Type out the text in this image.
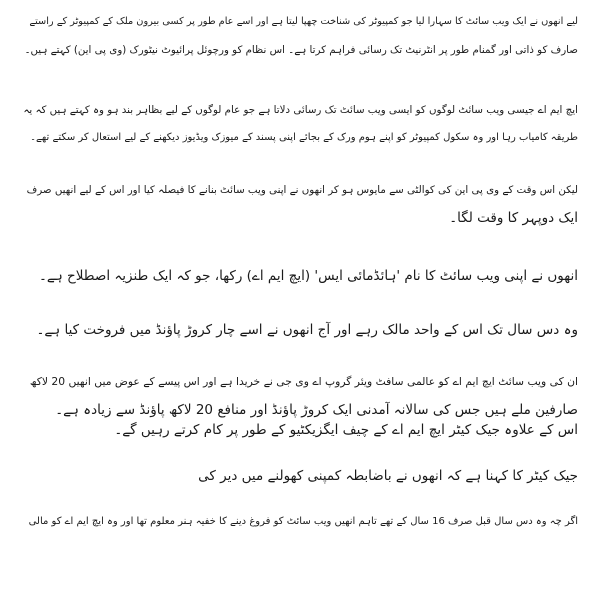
لیے انھوں نے ایک ویب سائٹ کا سہارا لیا جو کمپیوٹر کی شناخت چھپا لیتا ہے اور اسے عام طور پر کسی بیرون ملک کے کمپیوٹر کے راستے
صارف کو ذاتی اور گمنام طور پر انٹرنیٹ تک رسائی فراہم کرتا ہے۔ اس نظام کو ورچوئل پرائیوٹ نیٹورک (وی پی این) کہتے ہیں۔

ایچ ایم اے جیسی ویب سائٹ لوگوں کو ایسی ویب سائٹ تک رسائی دلاتا ہے جو عام لوگوں کے لیے بظاہر بند ہو وہ کہتے ہیں کہ یہ
طریقہ کامیاب رہا اور وہ سکول کمپیوٹر کو اپنے ہوم ورک کے بجائے اپنی پسند کے میوزک ویڈیوز دیکھنے کے لیے استعال کر سکتے تھے۔

لیکن اس وقت کے وی پی این کی کوالٹی سے مایوس ہو کر انھوں نے اپنی ویب سائٹ بنانے کا فیصلہ کیا اور اس کے لیے انھیں صرف
ایک دوپہر کا وقت لگا۔

انھوں نے اپنی ویب سائٹ کا نام 'ہائڈمائی ایس' (ایچ ایم اے) رکھا، جو کہ ایک طنزیہ اصطلاح ہے۔

وہ دس سال تک اس کے واحد مالک رہے اور آج انھوں نے اسے چار کروڑ پاؤنڈ میں فروخت کیا ہے۔

ان کی ویب سائٹ ایچ ایم اے کو عالمی سافٹ ویئر گروپ اے وی جی نے خریدا ہے اور اس پیسے کے عوض میں انھیں 20 لاکھ
صارفین ملے ہیں جس کی سالانہ آمدنی ایک کروڑ پاؤنڈ اور منافع 20 لاکھ پاؤنڈ سے زیادہ ہے۔

اس کے علاوہ جیک کیٹر ایچ ایم اے کے چیف ایگزیکٹیو کے طور پر کام کرتے رہیں گے۔

جیک کیٹر کا کہنا ہے کہ انھوں نے باضابطہ کمپنی کھولنے میں دیر کی

اگر چہ وہ دس سال قبل صرف 16 سال کے تھے تاہم انھیں ویب سائٹ کو فروغ دینے کا خفیہ ہنر معلوم تھا اور وہ ایچ ایم اے کو مالی
